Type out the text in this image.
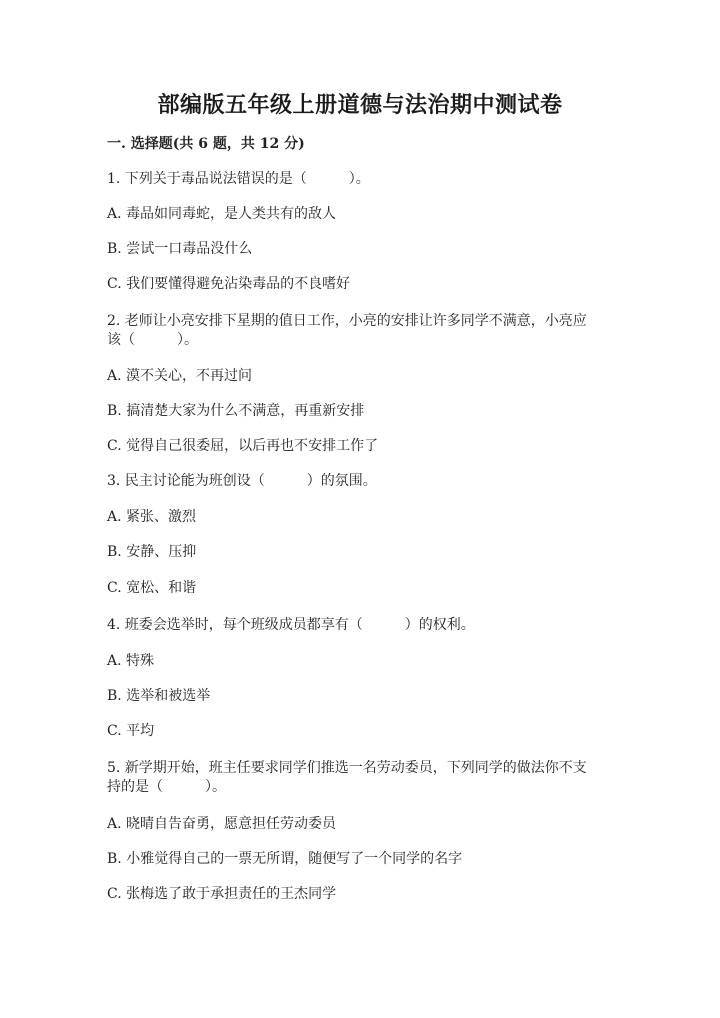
部编版五年级上册道德与法治期中测试卷
一. 选择题(共 6 题，共 12 分)
1. 下列关于毒品说法错误的是（　　　）。
A. 毒品如同毒蛇，是人类共有的敌人
B. 尝试一口毒品没什么
C. 我们要懂得避免沾染毒品的不良嗜好
2. 老师让小亮安排下星期的值日工作，小亮的安排让许多同学不满意，小亮应
该（　　　）。
A. 漠不关心，不再过问
B. 搞清楚大家为什么不满意，再重新安排
C. 觉得自己很委屈，以后再也不安排工作了
3. 民主讨论能为班创设（　　　）的氛围。
A. 紧张、激烈
B. 安静、压抑
C. 宽松、和谐
4. 班委会选举时，每个班级成员都享有（　　　）的权利。
A. 特殊
B. 选举和被选举
C. 平均
5. 新学期开始，班主任要求同学们推选一名劳动委员，下列同学的做法你不支
持的是（　　　）。
A. 晓晴自告奋勇，愿意担任劳动委员
B. 小雅觉得自己的一票无所谓，随便写了一个同学的名字
C. 张梅选了敢于承担责任的王杰同学
